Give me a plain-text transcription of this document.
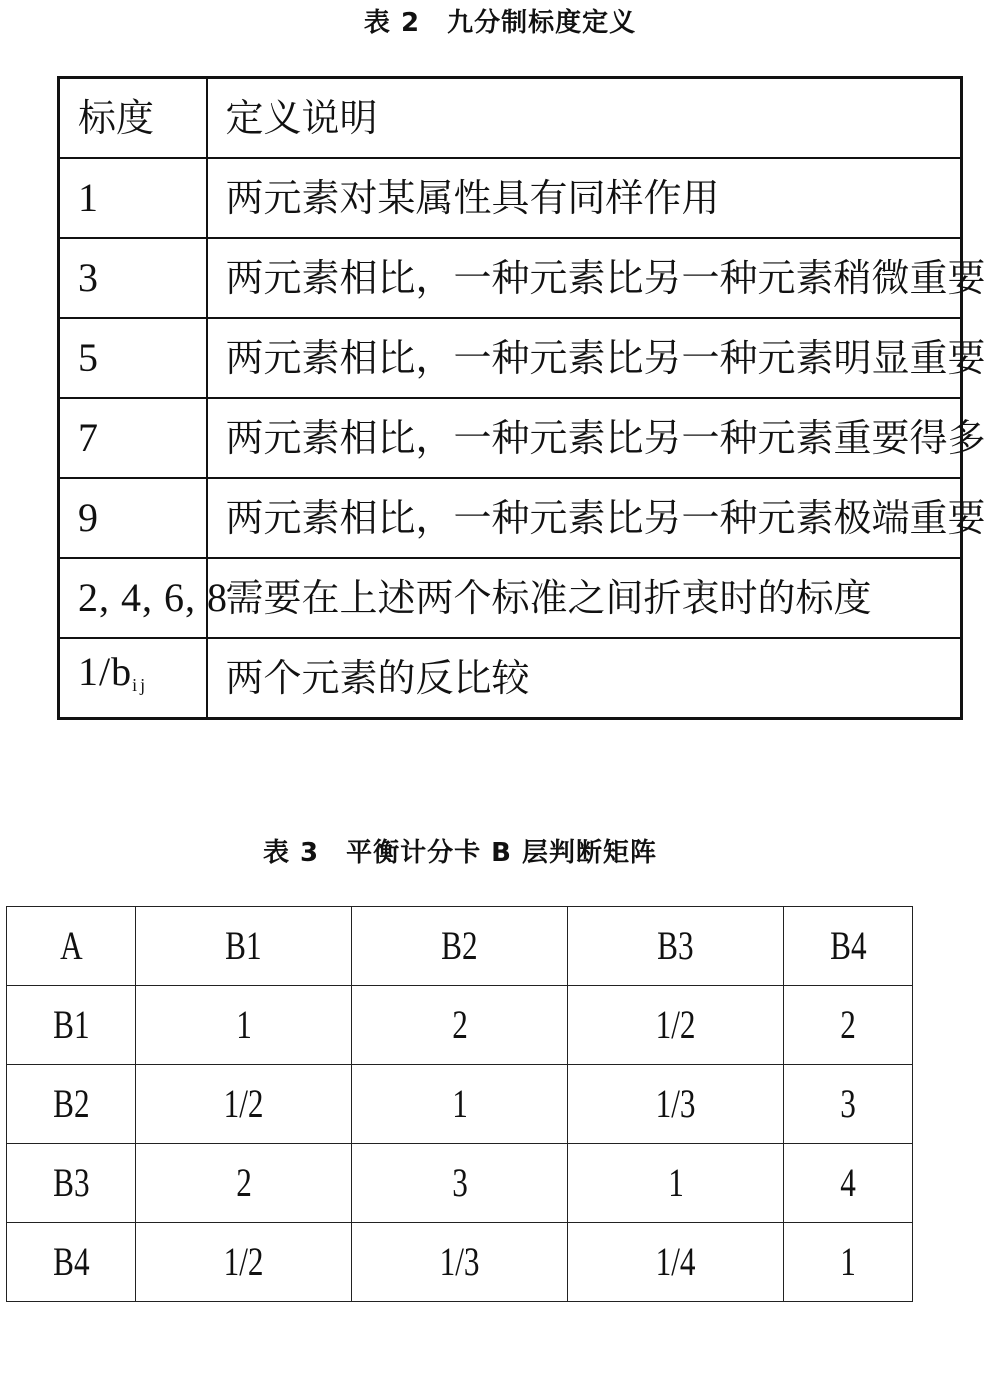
表 2　九分制标度定义
标度	定义说明
1	两元素对某属性具有同样作用
3	两元素相比，一种元素比另一种元素稍微重要
5	两元素相比，一种元素比另一种元素明显重要
7	两元素相比，一种元素比另一种元素重要得多
9	两元素相比，一种元素比另一种元素极端重要
2, 4, 6, 8	需要在上述两个标准之间折衷时的标度
$1/b_{ij}$	两个元素的反比较
表 3　平衡计分卡 B 层判断矩阵
A	B1	B2	B3	B4
B1	1	2	1/2	2
B2	1/2	1	1/3	3
B3	2	3	1	4
B4	1/2	1/3	1/4	1
